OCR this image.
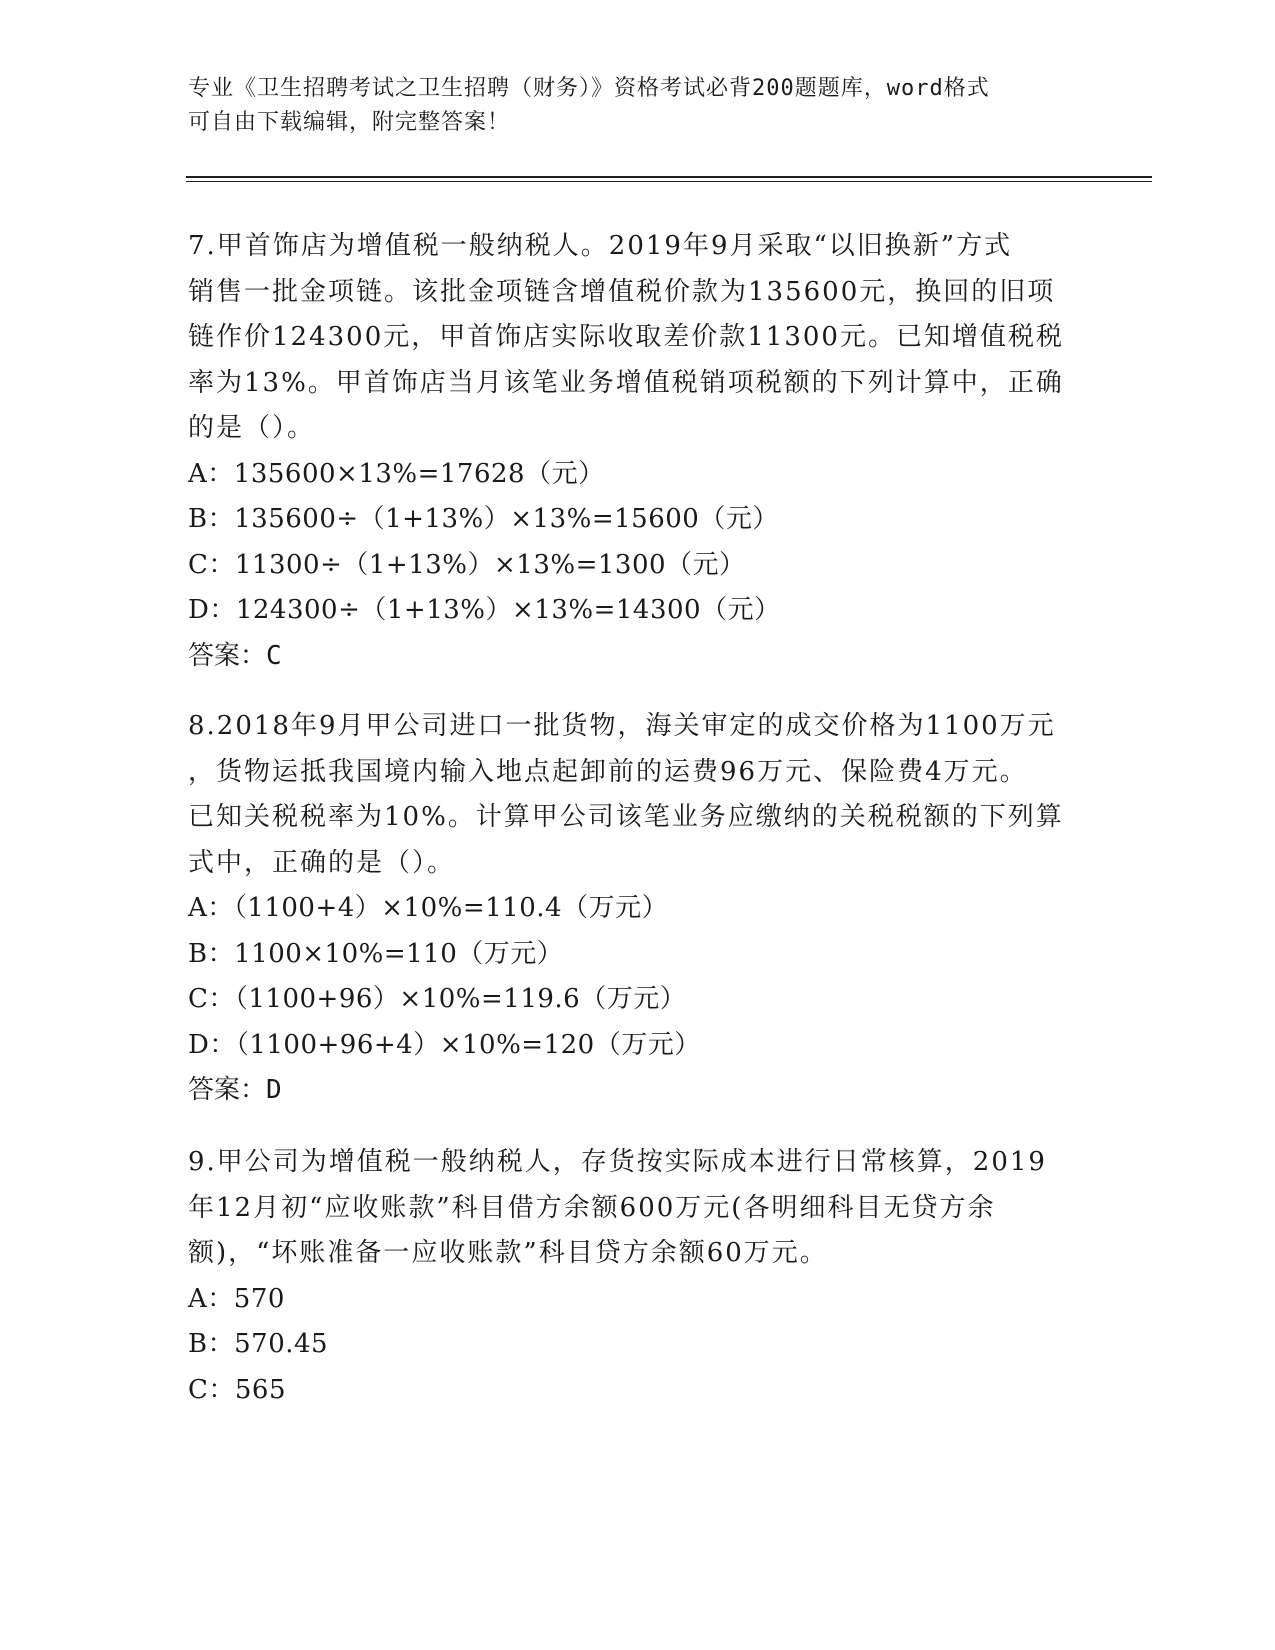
专业《卫生招聘考试之卫生招聘（财务）》资格考试必背200题题库，word格式
可自由下载编辑，附完整答案！
7.甲首饰店为增值税一般纳税人。2019年9月采取“以旧换新”方式
销售一批金项链。该批金项链含增值税价款为135600元，换回的旧项
链作价124300元，甲首饰店实际收取差价款11300元。已知增值税税
率为13%。甲首饰店当月该笔业务增值税销项税额的下列计算中，正确
的是（）。
A：135600×13%=17628（元）
B：135600÷（1+13%）×13%=15600（元）
C：11300÷（1+13%）×13%=1300（元）
D：124300÷（1+13%）×13%=14300（元）
答案：C
8.2018年9月甲公司进口一批货物，海关审定的成交价格为1100万元
，货物运抵我国境内输入地点起卸前的运费96万元、保险费4万元。
已知关税税率为10%。计算甲公司该笔业务应缴纳的关税税额的下列算
式中，正确的是（）。
A：（1100+4）×10%=110.4（万元）
B：1100×10%=110（万元）
C：（1100+96）×10%=119.6（万元）
D：（1100+96+4）×10%=120（万元）
答案：D
9.甲公司为增值税一般纳税人，存货按实际成本进行日常核算，2019
年12月初“应收账款”科目借方余额600万元(各明细科目无贷方余
额)，“坏账准备一应收账款”科目贷方余额60万元。
A：570
B：570.45
C：565
